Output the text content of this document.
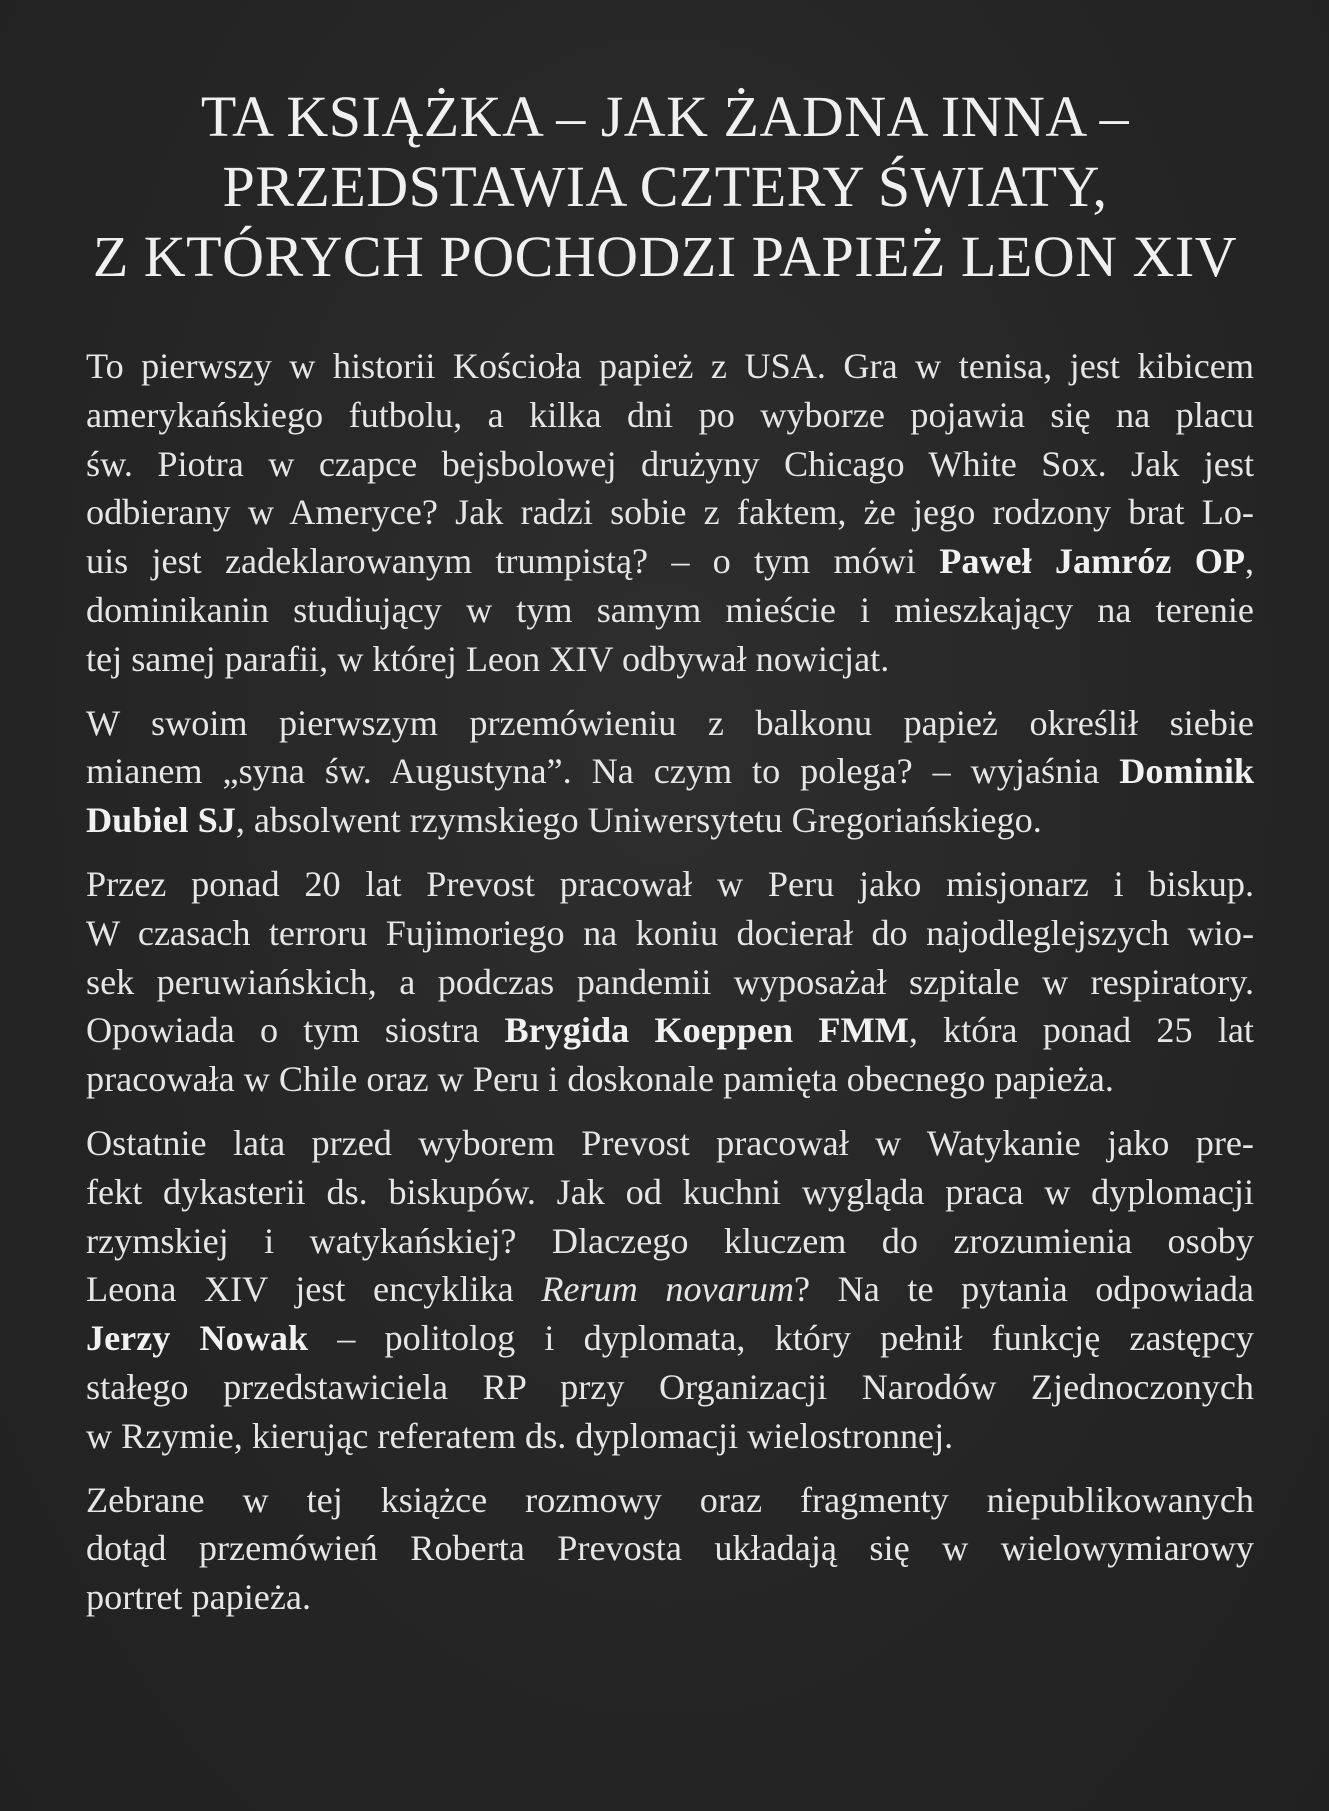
TA KSIĄŻKA – JAK ŻADNA INNA –
PRZEDSTAWIA CZTERY ŚWIATY,
Z KTÓRYCH POCHODZI PAPIEŻ LEON XIV

To pierwszy w historii Kościoła papież z USA. Gra w tenisa, jest kibicem
amerykańskiego futbolu, a kilka dni po wyborze pojawia się na placu
św. Piotra w czapce bejsbolowej drużyny Chicago White Sox. Jak jest
odbierany w Ameryce? Jak radzi sobie z faktem, że jego rodzony brat Lo-
uis jest zadeklarowanym trumpistą? – o tym mówi Paweł Jamróz OP,
dominikanin studiujący w tym samym mieście i mieszkający na terenie
tej samej parafii, w której Leon XIV odbywał nowicjat.

W swoim pierwszym przemówieniu z balkonu papież określił siebie
mianem „syna św. Augustyna”. Na czym to polega? – wyjaśnia Dominik
Dubiel SJ, absolwent rzymskiego Uniwersytetu Gregoriańskiego.

Przez ponad 20 lat Prevost pracował w Peru jako misjonarz i biskup.
W czasach terroru Fujimoriego na koniu docierał do najodleglejszych wio-
sek peruwiańskich, a podczas pandemii wyposażał szpitale w respiratory.
Opowiada o tym siostra Brygida Koeppen FMM, która ponad 25 lat
pracowała w Chile oraz w Peru i doskonale pamięta obecnego papieża.

Ostatnie lata przed wyborem Prevost pracował w Watykanie jako pre-
fekt dykasterii ds. biskupów. Jak od kuchni wygląda praca w dyplomacji
rzymskiej i watykańskiej? Dlaczego kluczem do zrozumienia osoby
Leona XIV jest encyklika Rerum novarum? Na te pytania odpowiada
Jerzy Nowak – politolog i dyplomata, który pełnił funkcję zastępcy
stałego przedstawiciela RP przy Organizacji Narodów Zjednoczonych
w Rzymie, kierując referatem ds. dyplomacji wielostronnej.

Zebrane w tej książce rozmowy oraz fragmenty niepublikowanych
dotąd przemówień Roberta Prevosta układają się w wielowymiarowy
portret papieża.
